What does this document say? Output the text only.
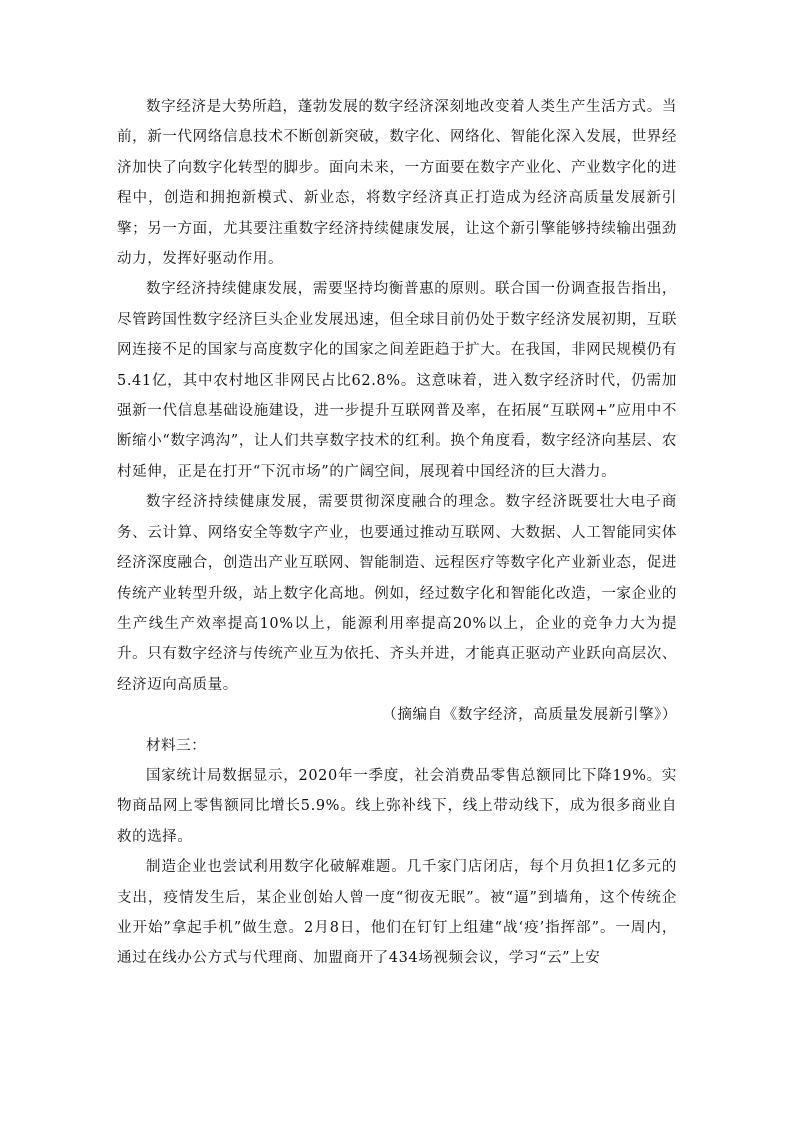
数字经济是大势所趋，蓬勃发展的数字经济深刻地改变着人类生产生活方式。当前，新一代网络信息技术不断创新突破，数字化、网络化、智能化深入发展，世界经济加快了向数字化转型的脚步。面向未来，一方面要在数字产业化、产业数字化的进程中，创造和拥抱新模式、新业态，将数字经济真正打造成为经济高质量发展新引擎；另一方面，尤其要注重数字经济持续健康发展，让这个新引擎能够持续输出强劲动力，发挥好驱动作用。

数字经济持续健康发展，需要坚持均衡普惠的原则。联合国一份调查报告指出，尽管跨国性数字经济巨头企业发展迅速，但全球目前仍处于数字经济发展初期，互联网连接不足的国家与高度数字化的国家之间差距趋于扩大。在我国，非网民规模仍有5.41亿，其中农村地区非网民占比62.8%。这意味着，进入数字经济时代，仍需加强新一代信息基础设施建设，进一步提升互联网普及率，在拓展“互联网+”应用中不断缩小“数字鸿沟”，让人们共享数字技术的红利。换个角度看，数字经济向基层、农村延伸，正是在打开“下沉市场”的广阔空间，展现着中国经济的巨大潜力。

数字经济持续健康发展，需要贯彻深度融合的理念。数字经济既要壮大电子商务、云计算、网络安全等数字产业，也要通过推动互联网、大数据、人工智能同实体经济深度融合，创造出产业互联网、智能制造、远程医疗等数字化产业新业态，促进传统产业转型升级，站上数字化高地。例如，经过数字化和智能化改造，一家企业的生产线生产效率提高10%以上，能源利用率提高20%以上，企业的竞争力大为提升。只有数字经济与传统产业互为依托、齐头并进，才能真正驱动产业跃向高层次、经济迈向高质量。

（摘编自《数字经济，高质量发展新引擎》）

材料三：

国家统计局数据显示，2020年一季度，社会消费品零售总额同比下降19%。实物商品网上零售额同比增长5.9%。线上弥补线下，线上带动线下，成为很多商业自救的选择。

制造企业也尝试利用数字化破解难题。几千家门店闭店，每个月负担1亿多元的支出，疫情发生后，某企业创始人曾一度“彻夜无眠”。被“逼”到墙角，这个传统企业开始”拿起手机”做生意。2月8日，他们在钉钉上组建“战‘疫’指挥部”。一周内，通过在线办公方式与代理商、加盟商开了434场视频会议，学习“云”上安
